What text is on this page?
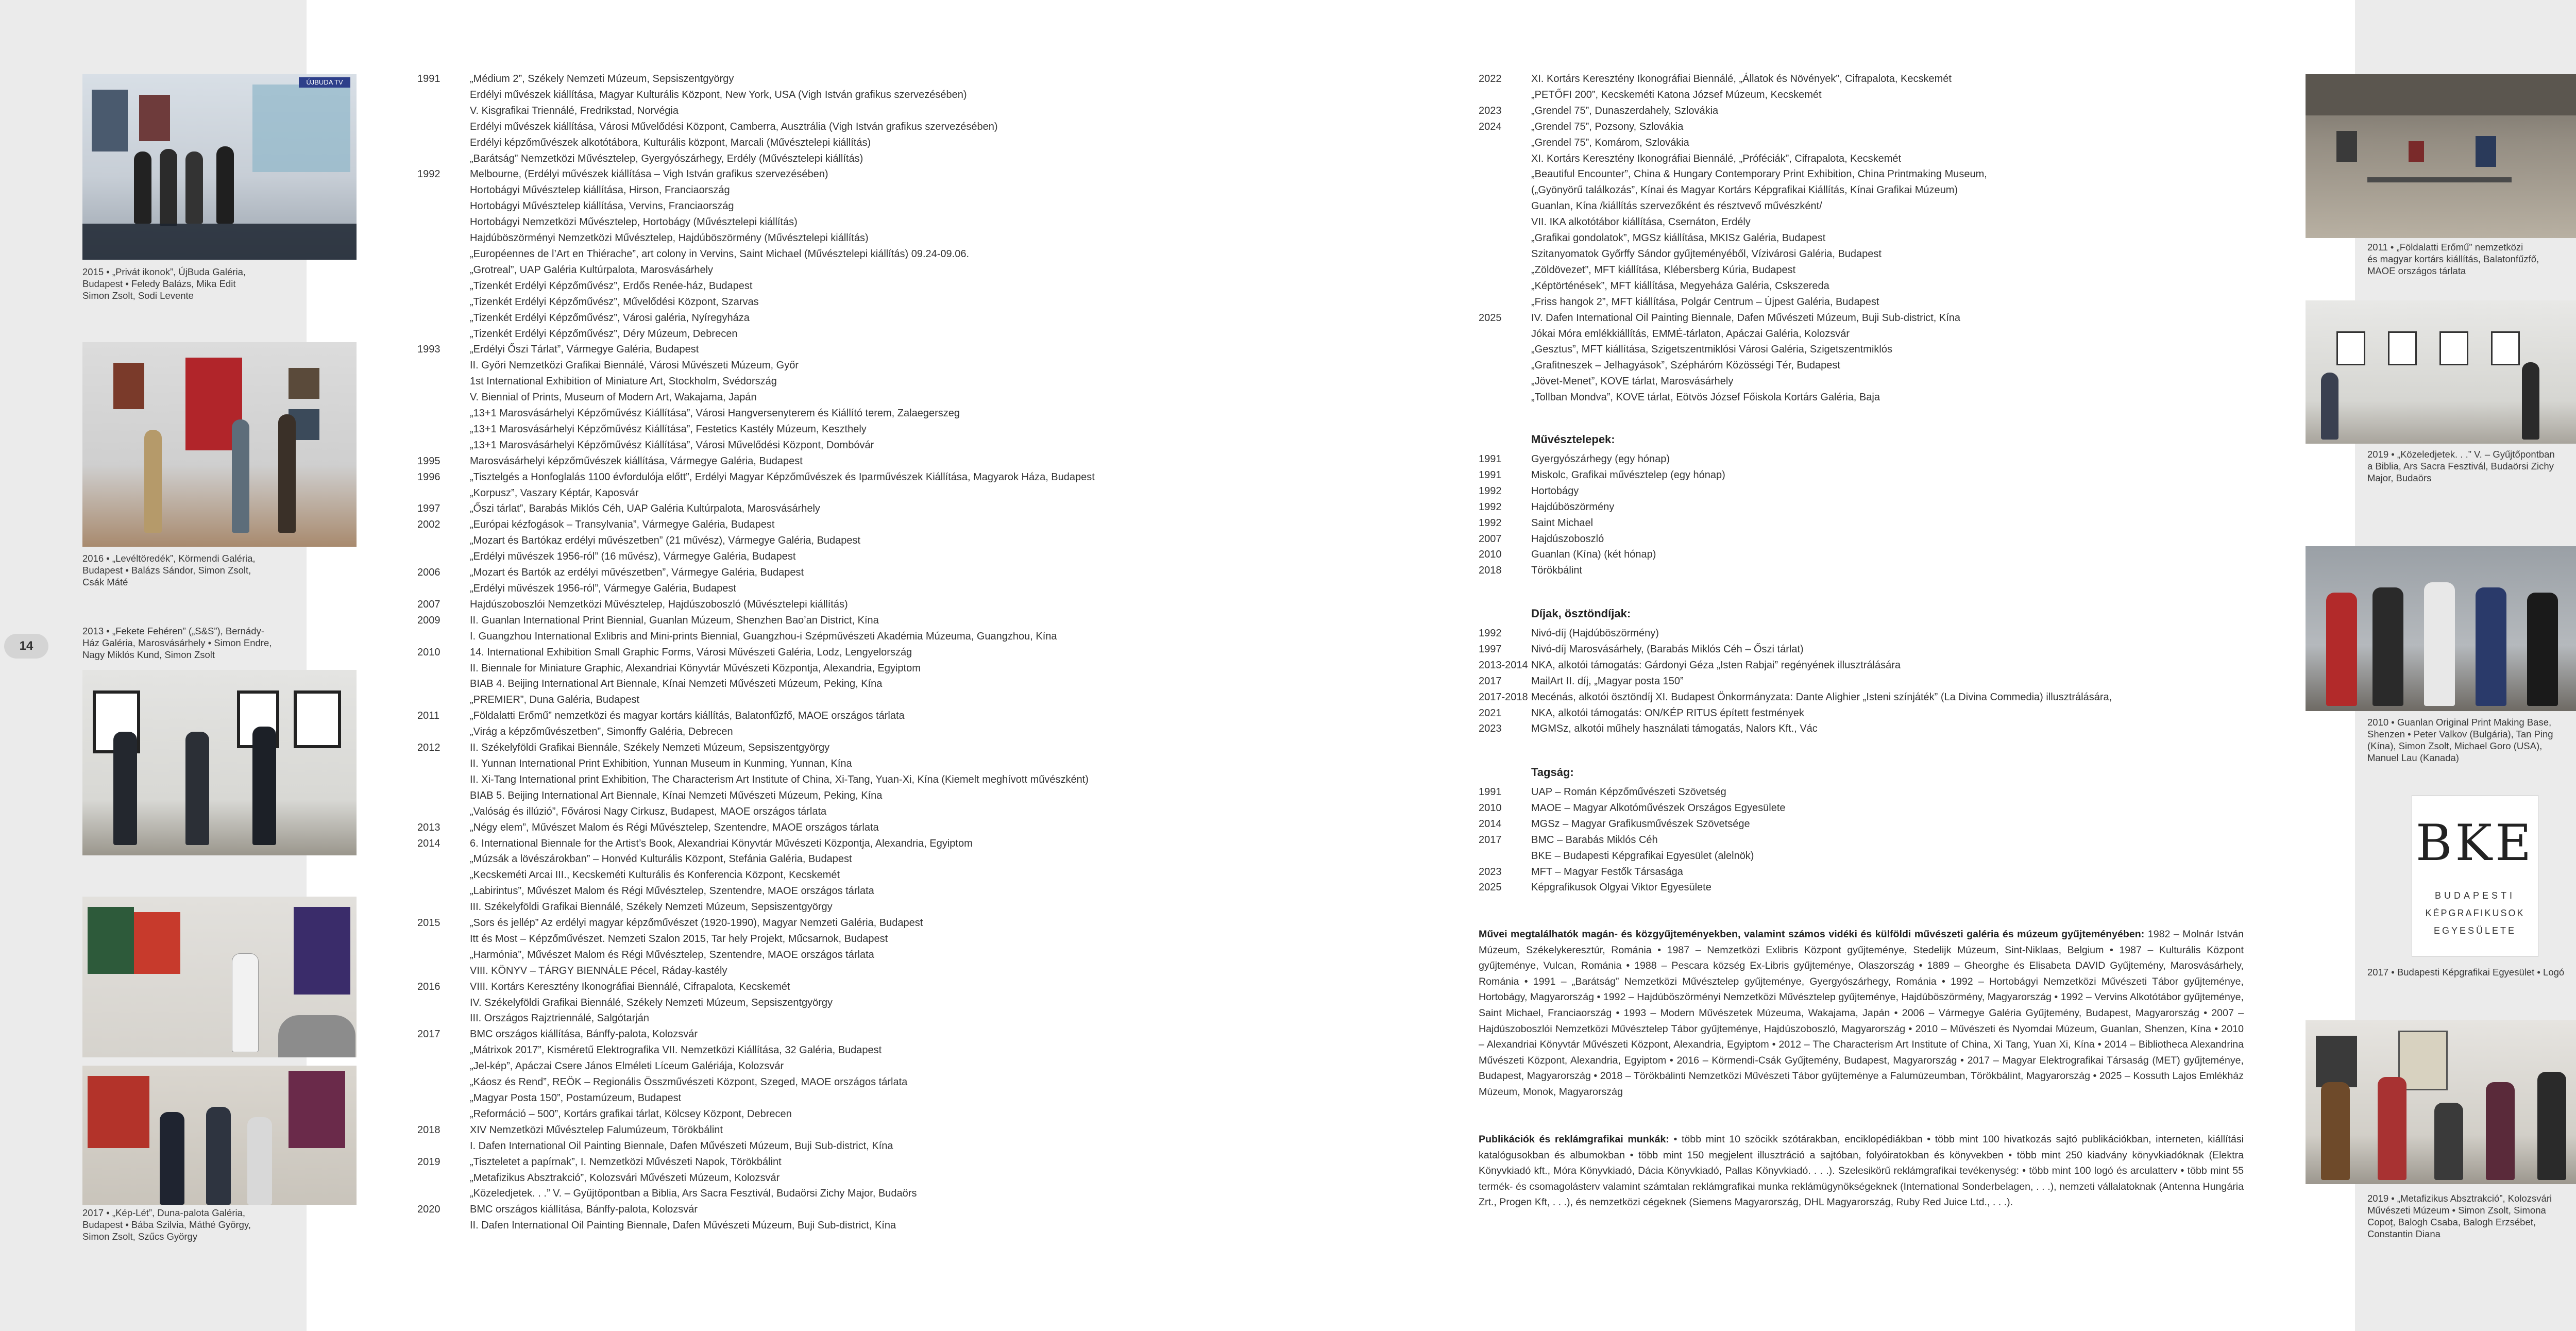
14
ÚJBUDA TV
2015 • „Privát ikonok”, ÚjBuda Galéria,
Budapest • Feledy Balázs, Mika Edit
Simon Zsolt, Sodi Levente
2016 • „Levéltöredék”, Körmendi Galéria,
Budapest • Balázs Sándor, Simon Zsolt,
Csák Máté
2013 • „Fekete Fehéren” („S&S”), Bernády-
Ház Galéria, Marosvásárhely • Simon Endre,
Nagy Miklós Kund, Simon Zsolt
2017 • „Kép-Lét”, Duna-palota Galéria,
Budapest • Bába Szilvia, Máthé György,
Simon Zsolt, Szűcs György
1991	„Médium 2”, Székely Nemzeti Múzeum, Sepsiszentgyörgy
Erdélyi művészek kiállítása, Magyar Kulturális Központ, New York, USA (Vigh István grafikus szervezésében)
V. Kisgrafikai Triennálé, Fredrikstad, Norvégia
Erdélyi művészek kiállítása, Városi Művelődési Központ, Camberra, Ausztrália (Vigh István grafikus szervezésében)
Erdélyi képzőművészek alkotótábora, Kulturális központ, Marcali (Művésztelepi kiállítás)
„Barátság” Nemzetközi Művésztelep, Gyergyószárhegy, Erdély (Művésztelepi kiállítás)
1992	Melbourne, (Erdélyi művészek kiállítása – Vigh István grafikus szervezésében)
Hortobágyi Művésztelep kiállítása, Hirson, Franciaország
Hortobágyi Művésztelep kiállítása, Vervins, Franciaország
Hortobágyi Nemzetközi Művésztelep, Hortobágy (Művésztelepi kiállítás)
Hajdúböszörményi Nemzetközi Művésztelep, Hajdúböszörmény (Művésztelepi kiállítás)
„Européennes de l’Art en Thiérache”, art colony in Vervins, Saint Michael (Művésztelepi kiállítás) 09.24-09.06.
„Grotreal”, UAP Galéria Kultúrpalota, Marosvásárhely
„Tizenkét Erdélyi Képzőművész”, Erdős Renée-ház, Budapest
„Tizenkét Erdélyi Képzőművész”, Művelődési Központ, Szarvas
„Tizenkét Erdélyi Képzőművész”, Városi galéria, Nyíregyháza
„Tizenkét Erdélyi Képzőművész”, Déry Múzeum, Debrecen
1993	„Erdélyi Őszi Tárlat”, Vármegye Galéria, Budapest
II. Győri Nemzetközi Grafikai Biennálé, Városi Művészeti Múzeum, Győr
1st International Exhibition of Miniature Art, Stockholm, Svédország
V. Biennial of Prints, Museum of Modern Art, Wakajama, Japán
„13+1 Marosvásárhelyi Képzőművész Kiállítása”, Városi Hangversenyterem és Kiállító terem, Zalaegerszeg
„13+1 Marosvásárhelyi Képzőművész Kiállítása”, Festetics Kastély Múzeum, Keszthely
„13+1 Marosvásárhelyi Képzőművész Kiállítása”, Városi Művelődési Központ, Dombóvár
1995	Marosvásárhelyi képzőművészek kiállítása, Vármegye Galéria, Budapest
1996	„Tisztelgés a Honfoglalás 1100 évfordulója előtt”, Erdélyi Magyar Képzőművészek és Iparművészek Kiállítása, Magyarok Háza, Budapest
„Korpusz”, Vaszary Képtár, Kaposvár
1997	„Őszi tárlat”, Barabás Miklós Céh, UAP Galéria Kultúrpalota, Marosvásárhely
2002	„Európai kézfogások – Transylvania”, Vármegye Galéria, Budapest
„Mozart és Bartókaz erdélyi művészetben” (21 művész), Vármegye Galéria, Budapest
„Erdélyi művészek 1956-ról” (16 művész), Vármegye Galéria, Budapest
2006	„Mozart és Bartók az erdélyi művészetben”, Vármegye Galéria, Budapest
„Erdélyi művészek 1956-ról”, Vármegye Galéria, Budapest
2007	Hajdúszoboszlói Nemzetközi Művésztelep, Hajdúszoboszló (Művésztelepi kiállítás)
2009	II. Guanlan International Print Biennial, Guanlan Múzeum, Shenzhen Bao’an District, Kína
I. Guangzhou International Exlibris and Mini-prints Biennial, Guangzhou-i Szépművészeti Akadémia Múzeuma, Guangzhou, Kína
2010	14. International Exhibition Small Graphic Forms, Városi Művészeti Galéria, Lodz, Lengyelország
II. Biennale for Miniature Graphic, Alexandriai Könyvtár Művészeti Központja, Alexandria, Egyiptom
BIAB 4. Beijing International Art Biennale, Kínai Nemzeti Művészeti Múzeum, Peking, Kína
„PREMIER”, Duna Galéria, Budapest
2011	„Földalatti Erőmű” nemzetközi és magyar kortárs kiállítás, Balatonfűzfő, MAOE országos tárlata
„Virág a képzőművészetben”, Simonffy Galéria, Debrecen
2012	II. Székelyföldi Grafikai Biennále, Székely Nemzeti Múzeum, Sepsiszentgyörgy
II. Yunnan International Print Exhibition, Yunnan Museum in Kunming, Yunnan, Kína
II. Xi-Tang International print Exhibition, The Characterism Art Institute of China, Xi-Tang, Yuan-Xi, Kína (Kiemelt meghívott művészként)
BIAB 5. Beijing International Art Biennale, Kínai Nemzeti Művészeti Múzeum, Peking, Kína
„Valóság és illúzió”, Fővárosi Nagy Cirkusz, Budapest, MAOE országos tárlata
2013	„Négy elem”, Művészet Malom és Régi Művésztelep, Szentendre, MAOE országos tárlata
2014	6. International Biennale for the Artist’s Book, Alexandriai Könyvtár Művészeti Központja, Alexandria, Egyiptom
„Múzsák a lövészárokban” – Honvéd Kulturális Központ, Stefánia Galéria, Budapest
„Kecskeméti Arcai III., Kecskeméti Kulturális és Konferencia Központ, Kecskemét
„Labirintus”, Művészet Malom és Régi Művésztelep, Szentendre, MAOE országos tárlata
III. Székelyföldi Grafikai Biennálé, Székely Nemzeti Múzeum, Sepsiszentgyörgy
2015	„Sors és jellép” Az erdélyi magyar képzőművészet (1920-1990), Magyar Nemzeti Galéria, Budapest
Itt és Most – Képzőművészet. Nemzeti Szalon 2015, Tar hely Projekt, Műcsarnok, Budapest
„Harmónia”, Művészet Malom és Régi Művésztelep, Szentendre, MAOE országos tárlata
VIII. KÖNYV – TÁRGY BIENNÁLE Pécel, Ráday-kastély
2016	VIII. Kortárs Keresztény Ikonográfiai Biennálé, Cifrapalota, Kecskemét
IV. Székelyföldi Grafikai Biennálé, Székely Nemzeti Múzeum, Sepsiszentgyörgy
III. Országos Rajztriennálé, Salgótarján
2017	BMC országos kiállítása, Bánffy-palota, Kolozsvár
„Mátrixok 2017”, Kisméretű Elektrografika VII. Nemzetközi Kiállítása, 32 Galéria, Budapest
„Jel-kép”, Apáczai Csere János Elméleti Líceum Galériája, Kolozsvár
„Káosz és Rend”, REÖK – Regionális Összművészeti Központ, Szeged, MAOE országos tárlata
„Magyar Posta 150”, Postamúzeum, Budapest
„Reformáció – 500”, Kortárs grafikai tárlat, Kölcsey Központ, Debrecen
2018	XIV Nemzetközi Művésztelep Falumúzeum, Törökbálint
I. Dafen International Oil Painting Biennale, Dafen Művészeti Múzeum, Buji Sub-district, Kína
2019	„Tiszteletet a papírnak”, I. Nemzetközi Művészeti Napok, Törökbálint
„Metafizikus Absztrakció”, Kolozsvári Művészeti Múzeum, Kolozsvár
„Közeledjetek. . .” V. – Gyűjtőpontban a Biblia, Ars Sacra Fesztivál, Budaörsi Zichy Major, Budaörs
2020	BMC országos kiállítása, Bánffy-palota, Kolozsvár
II. Dafen International Oil Painting Biennale, Dafen Művészeti Múzeum, Buji Sub-district, Kína
2022	XI. Kortárs Keresztény Ikonográfiai Biennálé, „Állatok és Növények”, Cifrapalota, Kecskemét
„PETŐFI 200”, Kecskeméti Katona József Múzeum, Kecskemét
2023	„Grendel 75”, Dunaszerdahely, Szlovákia
2024	„Grendel 75”, Pozsony, Szlovákia
„Grendel 75”, Komárom, Szlovákia
XI. Kortárs Keresztény Ikonográfiai Biennálé, „Próféciák”, Cifrapalota, Kecskemét
„Beautiful Encounter”, China & Hungary Contemporary Print Exhibition, China Printmaking Museum,
(„Gyönyörű találkozás”, Kínai és Magyar Kortárs Képgrafikai Kiállítás, Kínai Grafikai Múzeum)
Guanlan, Kína /kiállítás szervezőként és résztvevő művészként/
VII. IKA alkotótábor kiállítása, Csernáton, Erdély
„Grafikai gondolatok”, MGSz kiállítása, MKISz Galéria, Budapest
Szitanyomatok Győrffy Sándor gyűjteményéből, Vízivárosi Galéria, Budapest
„Zöldövezet”, MFT kiállítása, Klébersberg Kúria, Budapest
„Képtörténések”, MFT kiállítása, Megyeháza Galéria, Cskszereda
„Friss hangok 2”, MFT kiállítása, Polgár Centrum – Újpest Galéria, Budapest
2025	IV. Dafen International Oil Painting Biennale, Dafen Művészeti Múzeum, Buji Sub-district, Kína
Jókai Móra emlékkiállítás, EMMÉ-tárlaton, Apáczai Galéria, Kolozsvár
„Gesztus”, MFT kiállítása, Szigetszentmiklósi Városi Galéria, Szigetszentmiklós
„Grafitneszek – Jelhagyások”, Szépháróm Közösségi Tér, Budapest
„Jövet-Menet”, KOVE tárlat, Marosvásárhely
„Tollban Mondva”, KOVE tárlat, Eötvös József Főiskola Kortárs Galéria, Baja
Művésztelepek:
1991	Gyergyószárhegy (egy hónap)
1991	Miskolc, Grafikai művésztelep (egy hónap)
1992	Hortobágy
1992	Hajdúböszörmény
1992	Saint Michael
2007	Hajdúszoboszló
2010	Guanlan (Kína) (két hónap)
2018	Törökbálint
Díjak, ösztöndíjak:
1992	Nivó-díj (Hajdúböszörmény)
1997	Nivó-díj Marosvásárhely, (Barabás Miklós Céh – Őszi tárlat)
2013-2014 NKA, alkotói támogatás: Gárdonyi Géza „Isten Rabjai” regényének illusztrálására
2017	MailArt II. díj, „Magyar posta 150”
2017-2018 Mecénás, alkotói ösztöndíj XI. Budapest Önkormányzata: Dante Alighier „Isteni színjáték” (La Divina Commedia) illusztrálására,
2021	NKA, alkotói támogatás: ON/KÉP RITUS épített festmények
2023	MGMSz, alkotói műhely használati támogatás, Nalors Kft., Vác
Tagság:
1991	UAP – Román Képzőművészeti Szövetség
2010	MAOE – Magyar Alkotóművészek Országos Egyesülete
2014	MGSz – Magyar Grafikusművészek Szövetsége
2017	BMC – Barabás Miklós Céh
BKE – Budapesti Képgrafikai Egyesület (alelnök)
2023	MFT – Magyar Festők Társasága
2025	Képgrafikusok Olgyai Viktor Egyesülete
Művei megtalálhatók magán- és közgyűjteményekben, valamint számos vidéki és külföldi művészeti galéria és múzeum gyűjteményében: 1982 – Molnár István Múzeum, Székelykeresztúr, Románia • 1987 – Nemzetközi Exlibris Központ gyűjteménye, Stedelijk Múzeum, Sint-Niklaas, Belgium • 1987 – Kulturális Központ gyűjteménye, Vulcan, Románia • 1988 – Pescara község Ex-Libris gyűjteménye, Olaszország • 1889 – Gheorghe és Elisabeta DAVID Gyűjtemény, Marosvásárhely, Románia • 1991 – „Barátság” Nemzetközi Művésztelep gyűjteménye, Gyergyószárhegy, Románia • 1992 – Hortobágyi Nemzetközi Művészeti Tábor gyűjteménye, Hortobágy, Magyarország • 1992 – Hajdúböszörményi Nemzetközi Művésztelep gyűjteménye, Hajdúböszörmény, Magyarország • 1992 – Vervins Alkotótábor gyűjteménye, Saint Michael, Franciaország • 1993 – Modern Művészetek Múzeuma, Wakajama, Japán • 2006 – Vármegye Galéria Gyűjtemény, Budapest, Magyarország • 2007 – Hajdúszoboszlói Nemzetközi Művésztelep Tábor gyűjteménye, Hajdúszoboszló, Magyarország • 2010 – Művészeti és Nyomdai Múzeum, Guanlan, Shenzen, Kína • 2010 – Alexandriai Könyvtár Művészeti Központ, Alexandria, Egyiptom • 2012 – The Characterism Art Institute of China, Xi Tang, Yuan Xi, Kína • 2014 – Bibliotheca Alexandrina Művészeti Központ, Alexandria, Egyiptom • 2016 – Körmendi-Csák Gyűjtemény, Budapest, Magyarország • 2017 – Magyar Elektrografikai Társaság (MET) gyűjteménye, Budapest, Magyarország • 2018 – Törökbálinti Nemzetközi Művészeti Tábor gyűjteménye a Falumúzeumban, Törökbálint, Magyarország • 2025 – Kossuth Lajos Emlékház Múzeum, Monok, Magyarország
Publikációk és reklámgrafikai munkák: • több mint 10 szöcikk szótárakban, enciklopédiákban • több mint 100 hivatkozás sajtó publikációkban, interneten, kiállítási katalógusokban és albumokban • több mint 150 megjelent illusztráció a sajtóban, folyóiratokban és könyvekben • több mint 250 kiadvány könyvkiadóknak (Elektra Könyvkiadó kft., Móra Könyvkiadó, Dácia Könyvkiadó, Pallas Könyvkiadó. . . .). Szelesikörű reklámgrafikai tevékenység: • több mint 100 logó és arculatterv • több mint 55 termék- és csomagolásterv valamint számtalan reklámgrafikai munka reklámügynökségeknek (International Sonderbelagen, . . .), nemzeti vállalatoknak (Antenna Hungária Zrt., Progen Kft, . . .), és nemzetközi cégeknek (Siemens Magyarország, DHL Magyarország, Ruby Red Juice Ltd., . . .).
2011 • „Földalatti Erőmű” nemzetközi
és magyar kortárs kiállítás, Balatonfűzfő,
MAOE országos tárlata
2019 • „Közeledjetek. . .” V. – Gyűjtőpontban
a Biblia, Ars Sacra Fesztivál, Budaörsi Zichy
Major, Budaörs
2010 • Guanlan Original Print Making Base,
Shenzen • Peter Valkov (Bulgária), Tan Ping
(Kína), Simon Zsolt, Michael Goro (USA),
Manuel Lau (Kanada)
BKE
BUDAPESTI
KÉPGRAFIKUSOK
EGYESÜLETE
2017 • Budapesti Képgrafikai Egyesület • Logó
2019 • „Metafizikus Absztrakció”, Kolozsvári
Művészeti Múzeum • Simon Zsolt, Simona
Copoț, Balogh Csaba, Balogh Erzsébet,
Constantin Diana
